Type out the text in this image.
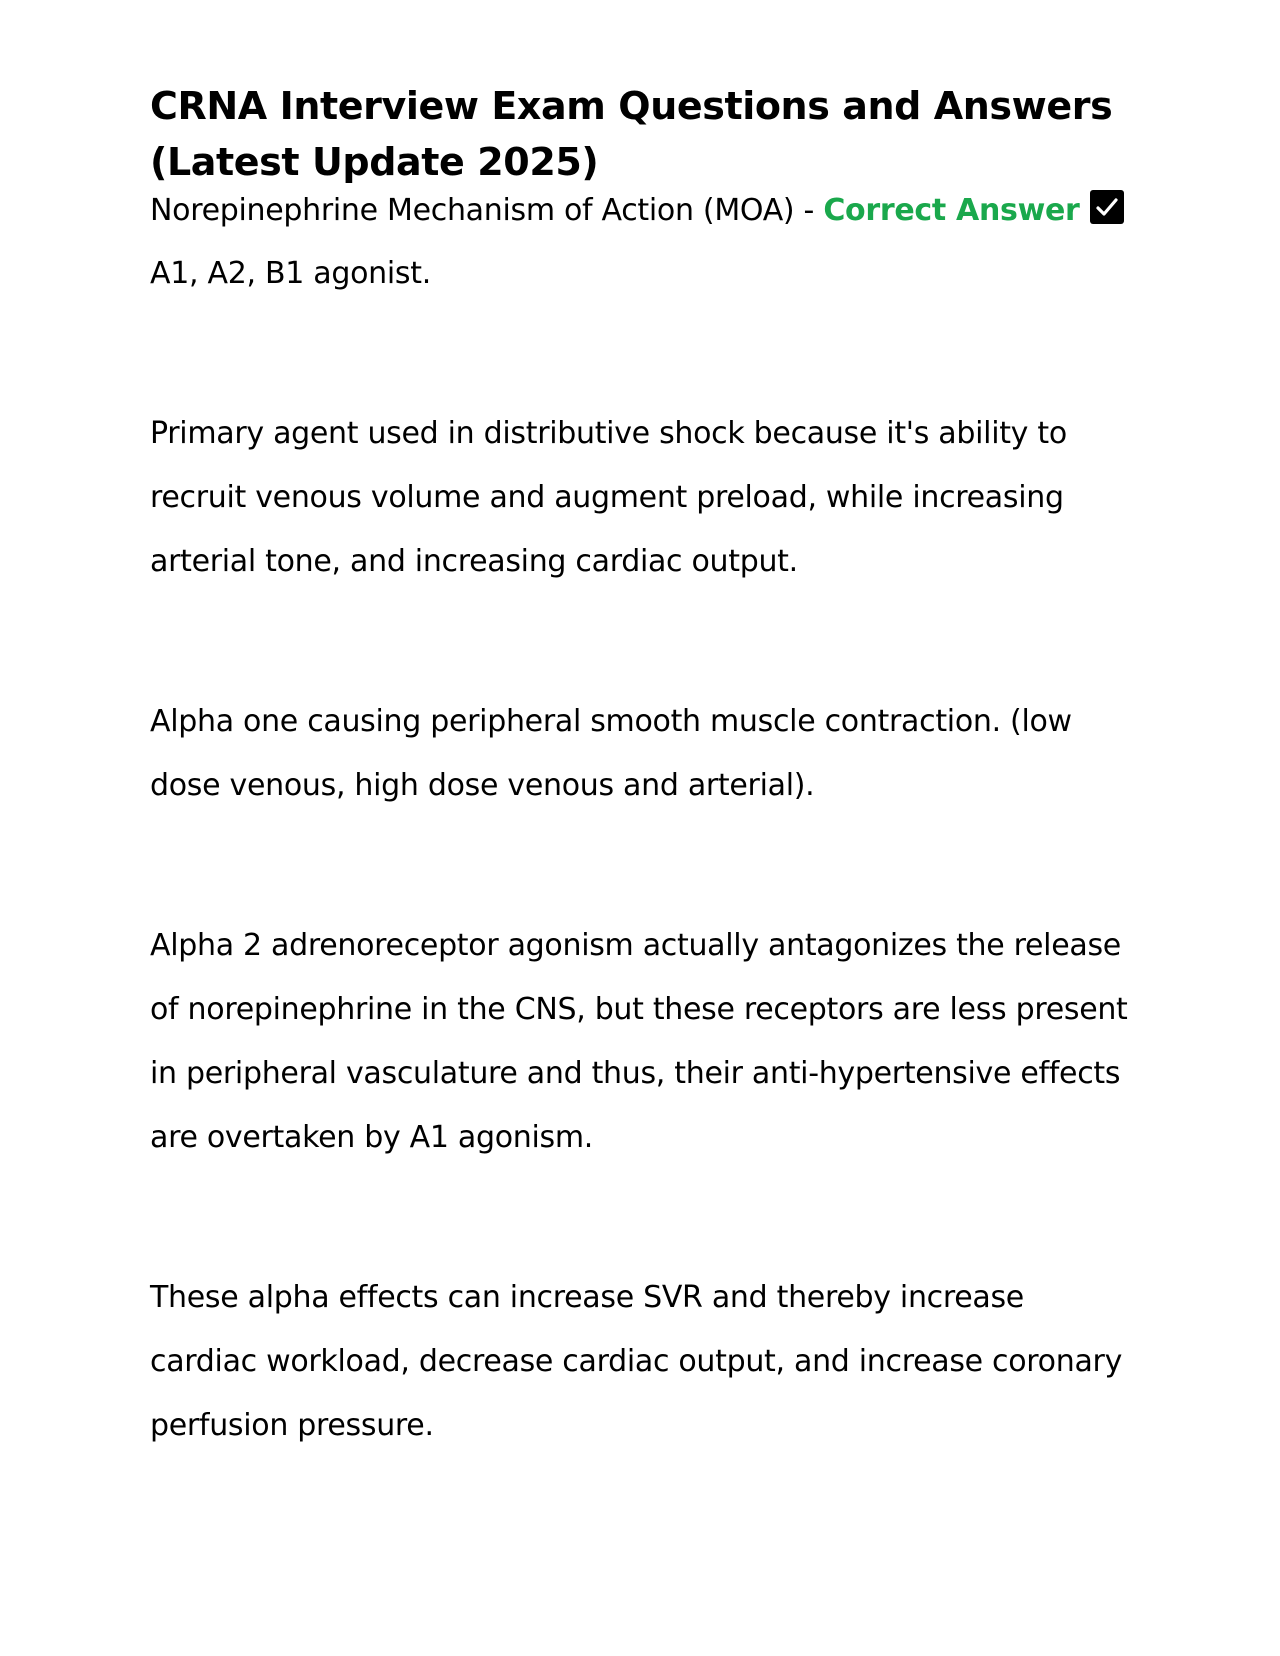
CRNA Interview Exam Questions and Answers
(Latest Update 2025)

Norepinephrine Mechanism of Action (MOA) - Correct Answer

A1, A2, B1 agonist.

Primary agent used in distributive shock because it's ability to recruit venous volume and augment preload, while increasing arterial tone, and increasing cardiac output.

Alpha one causing peripheral smooth muscle contraction. (low dose venous, high dose venous and arterial).

Alpha 2 adrenoreceptor agonism actually antagonizes the release of norepinephrine in the CNS, but these receptors are less present in peripheral vasculature and thus, their anti-hypertensive effects are overtaken by A1 agonism.

These alpha effects can increase SVR and thereby increase cardiac workload, decrease cardiac output, and increase coronary perfusion pressure.
